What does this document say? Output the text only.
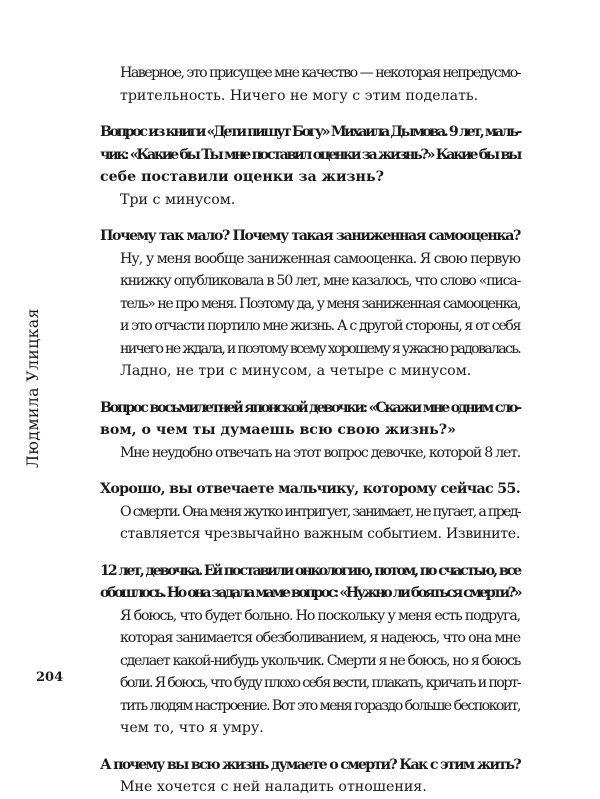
Людмила Улицкая
204
Наверное, это присущее мне качество — некоторая непредусмо-
трительность. Ничего не могу с этим поделать.
Вопрос из книги «Дети пишут Богу» Михаила Дымова. 9 лет, маль-
чик: «Какие бы Ты мне поставил оценки за жизнь?» Какие бы вы
себе поставили оценки за жизнь?
Три с минусом.
Почему так мало? Почему такая заниженная самооценка?
Ну, у меня вообще заниженная самооценка. Я свою первую
книжку опубликовала в 50 лет, мне казалось, что слово «писа-
тель» не про меня. Поэтому да, у меня заниженная самооценка,
и это отчасти портило мне жизнь. А с другой стороны, я от себя
ничего не ждала, и поэтому всему хорошему я ужасно радовалась.
Ладно, не три с минусом, а четыре с минусом.
Вопрос восьмилетней японской девочки: «Скажи мне одним сло-
вом, о чем ты думаешь всю свою жизнь?»
Мне неудобно отвечать на этот вопрос девочке, которой 8 лет.
Хорошо, вы отвечаете мальчику, которому сейчас 55.
О смерти. Она меня жутко интригует, занимает, не пугает, а пред-
ставляется чрезвычайно важным событием. Извините.
12 лет, девочка. Ей поставили онкологию, потом, по счастью, все
обошлось. Но она задала маме вопрос: «Нужно ли бояться смерти?»
Я боюсь, что будет больно. Но поскольку у меня есть подруга,
которая занимается обезболиванием, я надеюсь, что она мне
сделает какой-нибудь укольчик. Смерти я не боюсь, но я боюсь
боли. Я боюсь, что буду плохо себя вести, плакать, кричать и порт-
тить людям настроение. Вот это меня гораздо больше беспокоит,
чем то, что я умру.
А почему вы всю жизнь думаете о смерти? Как с этим жить?
Мне хочется с ней наладить отношения.
